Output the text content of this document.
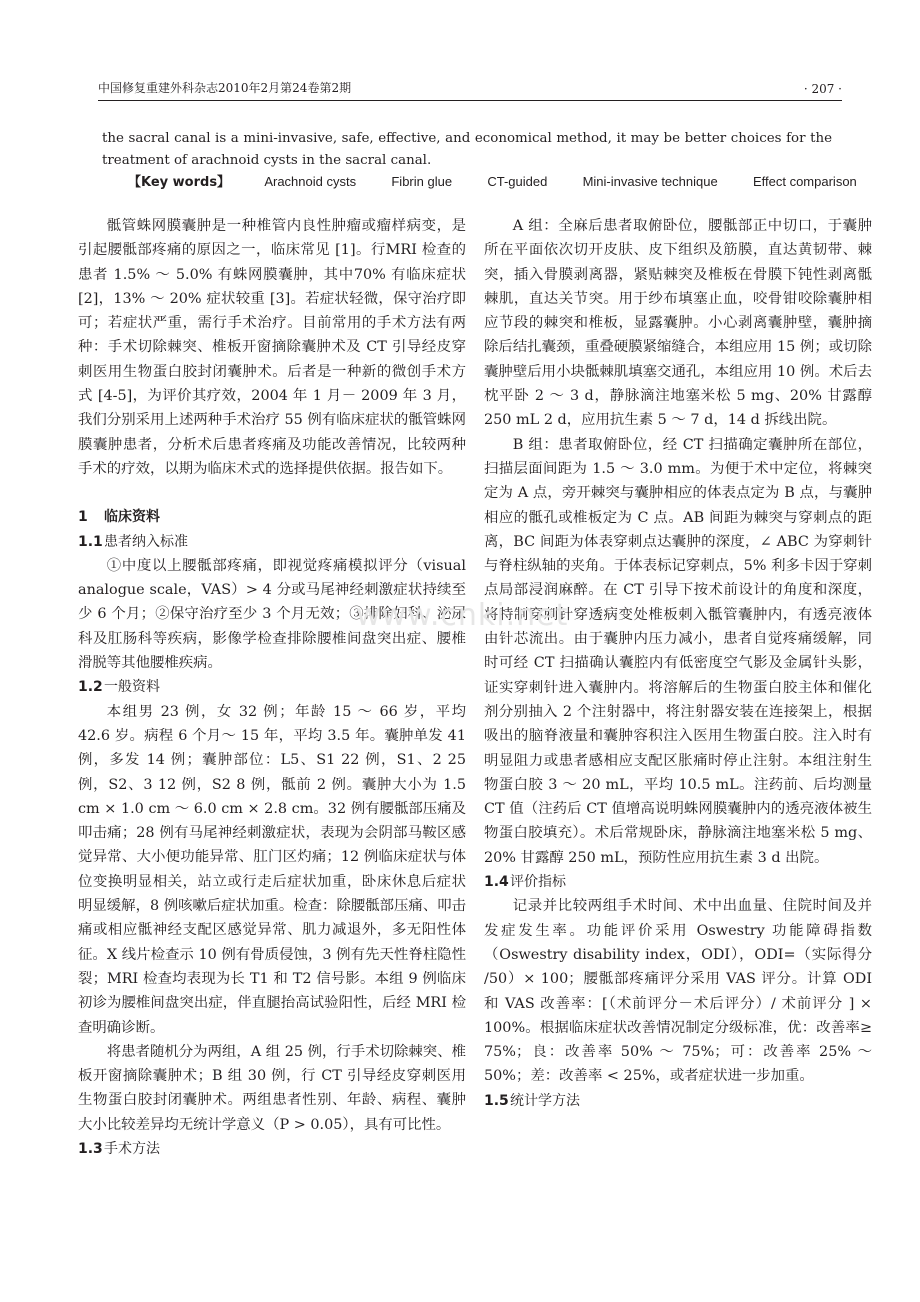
中国修复重建外科杂志2010年2月第24卷第2期	· 207 ·
the sacral canal is a mini-invasive, safe, effective, and economical method, it may be better choices for the treatment of arachnoid cysts in the sacral canal.
【Key words】	Arachnoid cysts	Fibrin glue	CT-guided	Mini-invasive technique	Effect comparison

骶管蛛网膜囊肿是一种椎管内良性肿瘤或瘤样病变，是引起腰骶部疼痛的原因之一，临床常见 [1]。行MRI 检查的患者 1.5% ～ 5.0% 有蛛网膜囊肿，其中70% 有临床症状 [2]，13% ～ 20% 症状较重 [3]。若症状轻微，保守治疗即可；若症状严重，需行手术治疗。目前常用的手术方法有两种：手术切除棘突、椎板开窗摘除囊肿术及 CT 引导经皮穿刺医用生物蛋白胶封闭囊肿术。后者是一种新的微创手术方式 [4-5]，为评价其疗效，2004 年 1 月－ 2009 年 3 月，我们分别采用上述两种手术治疗 55 例有临床症状的骶管蛛网膜囊肿患者，分析术后患者疼痛及功能改善情况，比较两种手术的疗效，以期为临床术式的选择提供依据。报告如下。

1 临床资料
1.1患者纳入标准

①中度以上腰骶部疼痛，即视觉疼痛模拟评分（visual analogue scale，VAS）> 4 分或马尾神经刺激症状持续至少 6 个月；②保守治疗至少 3 个月无效；③排除妇科、泌尿科及肛肠科等疾病，影像学检查排除腰椎间盘突出症、腰椎滑脱等其他腰椎疾病。

1.2一般资料

本组男 23 例，女 32 例；年龄 15 ～ 66 岁，平均 42.6 岁。病程 6 个月～ 15 年，平均 3.5 年。囊肿单发 41 例，多发 14 例；囊肿部位：L5、S1 22 例，S1、2 25 例，S2、3 12 例，S2 8 例，骶前 2 例。囊肿大小为 1.5 cm × 1.0 cm ～ 6.0 cm × 2.8 cm。32 例有腰骶部压痛及叩击痛；28 例有马尾神经刺激症状，表现为会阴部马鞍区感觉异常、大小便功能异常、肛门区灼痛；12 例临床症状与体位变换明显相关，站立或行走后症状加重，卧床休息后症状明显缓解，8 例咳嗽后症状加重。检查：除腰骶部压痛、叩击痛或相应骶神经支配区感觉异常、肌力减退外，多无阳性体征。X 线片检查示 10 例有骨质侵蚀，3 例有先天性脊柱隐性裂；MRI 检查均表现为长 T1 和 T2 信号影。本组 9 例临床初诊为腰椎间盘突出症，伴直腿抬高试验阳性，后经 MRI 检查明确诊断。

将患者随机分为两组，A 组 25 例，行手术切除棘突、椎板开窗摘除囊肿术；B 组 30 例，行 CT 引导经皮穿刺医用生物蛋白胶封闭囊肿术。两组患者性别、年龄、病程、囊肿大小比较差异均无统计学意义（P > 0.05），具有可比性。

1.3手术方法

A 组：全麻后患者取俯卧位，腰骶部正中切口，于囊肿所在平面依次切开皮肤、皮下组织及筋膜，直达黄韧带、棘突，插入骨膜剥离器，紧贴棘突及椎板在骨膜下钝性剥离骶棘肌，直达关节突。用于纱布填塞止血，咬骨钳咬除囊肿相应节段的棘突和椎板，显露囊肿。小心剥离囊肿壁，囊肿摘除后结扎囊颈，重叠硬膜紧缩缝合，本组应用 15 例；或切除囊肿壁后用小块骶棘肌填塞交通孔，本组应用 10 例。术后去枕平卧 2 ～ 3 d，静脉滴注地塞米松 5 mg、20% 甘露醇 250 mL 2 d，应用抗生素 5 ～ 7 d，14 d 拆线出院。

B 组：患者取俯卧位，经 CT 扫描确定囊肿所在部位，扫描层面间距为 1.5 ～ 3.0 mm。为便于术中定位，将棘突定为 A 点，旁开棘突与囊肿相应的体表点定为 B 点，与囊肿相应的骶孔或椎板定为 C 点。AB 间距为棘突与穿刺点的距离，BC 间距为体表穿刺点达囊肿的深度，∠ ABC 为穿刺针与脊柱纵轴的夹角。于体表标记穿刺点，5% 利多卡因于穿刺点局部浸润麻醉。在 CT 引导下按术前设计的角度和深度，将特制穿刺针穿透病变处椎板刺入骶管囊肿内，有透亮液体由针芯流出。由于囊肿内压力减小，患者自觉疼痛缓解，同时可经 CT 扫描确认囊腔内有低密度空气影及金属针头影，证实穿刺针进入囊肿内。将溶解后的生物蛋白胶主体和催化剂分别抽入 2 个注射器中，将注射器安装在连接架上，根据吸出的脑脊液量和囊肿容积注入医用生物蛋白胶。注入时有明显阻力或患者感相应支配区胀痛时停止注射。本组注射生物蛋白胶 3 ～ 20 mL，平均 10.5 mL。注药前、后均测量 CT 值（注药后 CT 值增高说明蛛网膜囊肿内的透亮液体被生物蛋白胶填充）。术后常规卧床，静脉滴注地塞米松 5 mg、20% 甘露醇 250 mL，预防性应用抗生素 3 d 出院。

1.4评价指标

记录并比较两组手术时间、术中出血量、住院时间及并发症发生率。功能评价采用 Oswestry 功能障碍指数（Oswestry disability index，ODI），ODI=（实际得分 /50）× 100；腰骶部疼痛评分采用 VAS 评分。计算 ODI 和 VAS 改善率：[（术前评分－术后评分）/ 术前评分 ] × 100%。根据临床症状改善情况制定分级标准，优：改善率≥ 75%；良：改善率 50% ～ 75%；可：改善率 25% ～ 50%；差：改善率 < 25%，或者症状进一步加重。

1.5统计学方法
www.cnki.net
